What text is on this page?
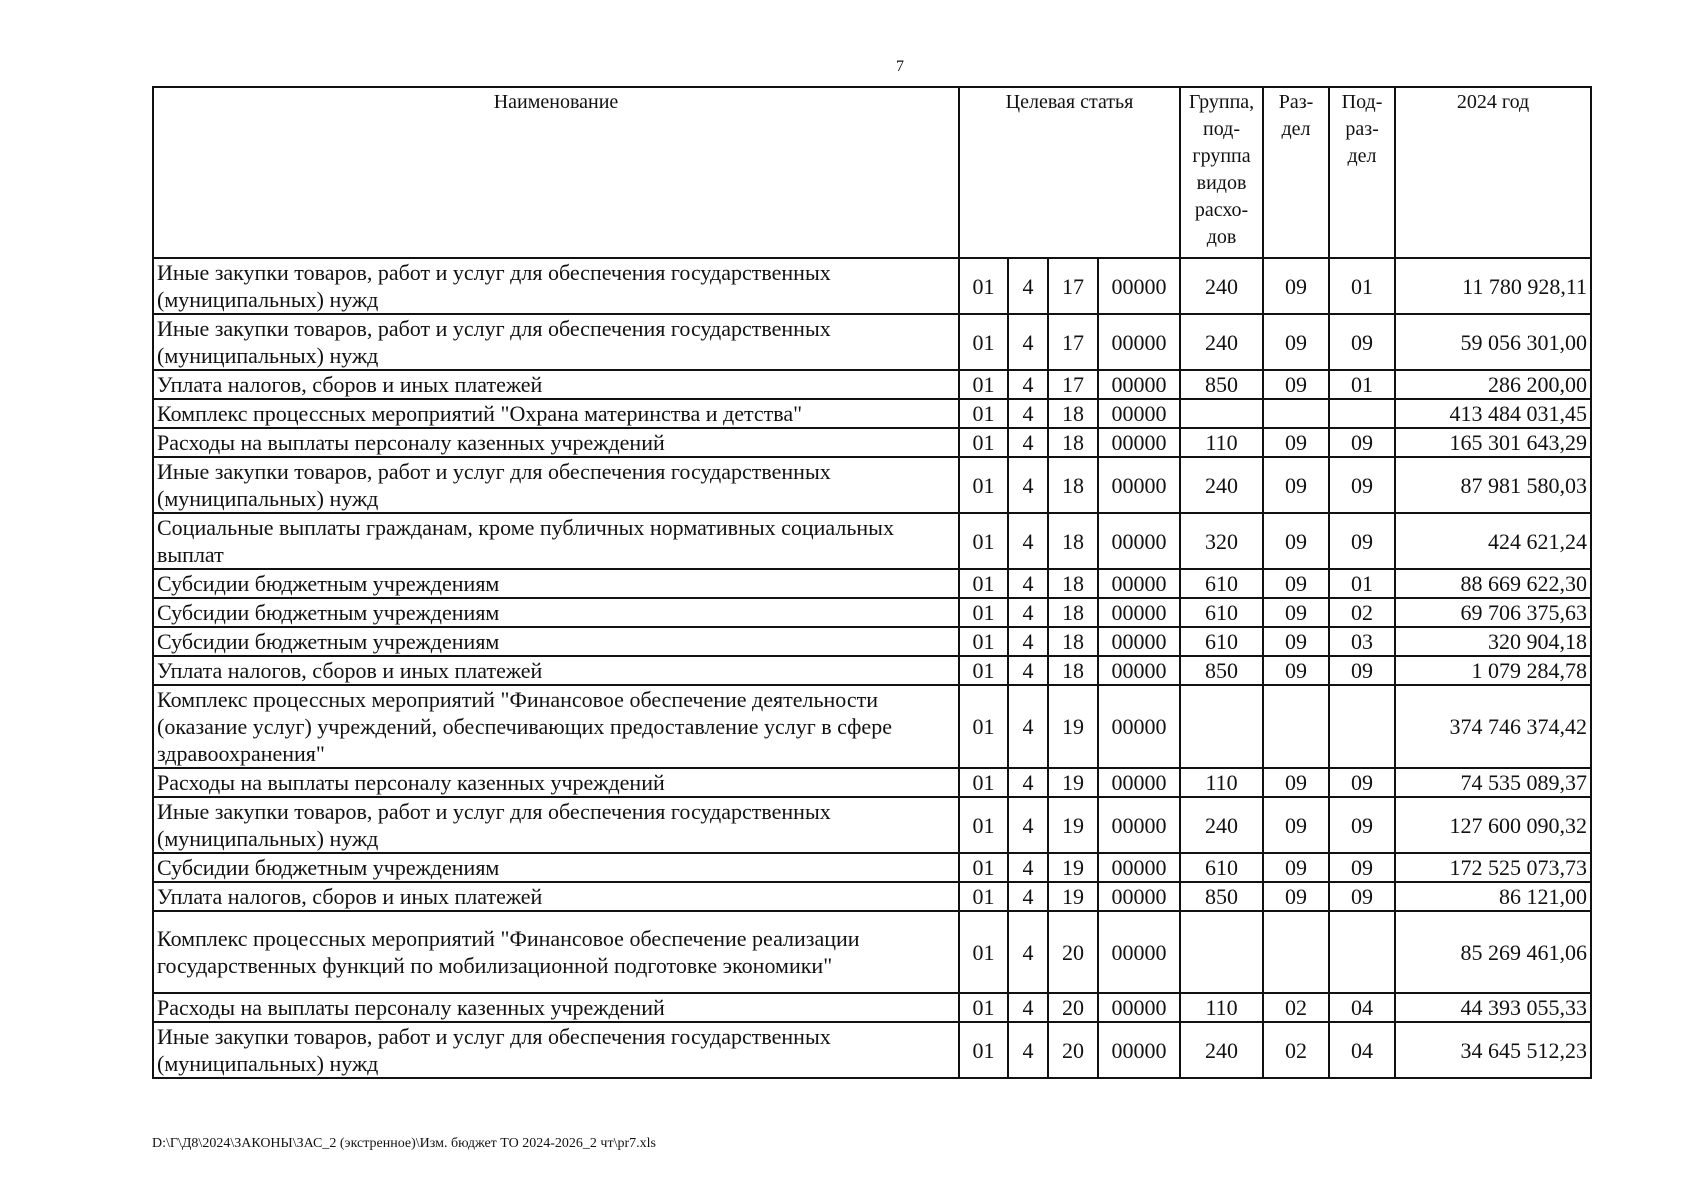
7
Наименование	Целевая статья				Группа, под-группа видов расхо-дов	Раз-дел	Под-раз-дел	2024 год
Иные закупки товаров, работ и услуг для обеспечения государственных (муниципальных) нужд	01	4	17	00000	240	09	01	11 780 928,11
Иные закупки товаров, работ и услуг для обеспечения государственных (муниципальных) нужд	01	4	17	00000	240	09	09	59 056 301,00
Уплата налогов, сборов и иных платежей	01	4	17	00000	850	09	01	286 200,00
Комплекс процессных мероприятий "Охрана материнства и детства"	01	4	18	00000				413 484 031,45
Расходы на выплаты персоналу казенных учреждений	01	4	18	00000	110	09	09	165 301 643,29
Иные закупки товаров, работ и услуг для обеспечения государственных (муниципальных) нужд	01	4	18	00000	240	09	09	87 981 580,03
Социальные выплаты гражданам, кроме публичных нормативных социальных выплат	01	4	18	00000	320	09	09	424 621,24
Субсидии бюджетным учреждениям	01	4	18	00000	610	09	01	88 669 622,30
Субсидии бюджетным учреждениям	01	4	18	00000	610	09	02	69 706 375,63
Субсидии бюджетным учреждениям	01	4	18	00000	610	09	03	320 904,18
Уплата налогов, сборов и иных платежей	01	4	18	00000	850	09	09	1 079 284,78
Комплекс процессных мероприятий "Финансовое обеспечение деятельности (оказание услуг) учреждений, обеспечивающих предоставление услуг в сфере здравоохранения"	01	4	19	00000				374 746 374,42
Расходы на выплаты персоналу казенных учреждений	01	4	19	00000	110	09	09	74 535 089,37
Иные закупки товаров, работ и услуг для обеспечения государственных (муниципальных) нужд	01	4	19	00000	240	09	09	127 600 090,32
Субсидии бюджетным учреждениям	01	4	19	00000	610	09	09	172 525 073,73
Уплата налогов, сборов и иных платежей	01	4	19	00000	850	09	09	86 121,00
Комплекс процессных мероприятий "Финансовое обеспечение реализации государственных функций по мобилизационной подготовке экономики"	01	4	20	00000				85 269 461,06
Расходы на выплаты персоналу казенных учреждений	01	4	20	00000	110	02	04	44 393 055,33
Иные закупки товаров, работ и услуг для обеспечения государственных (муниципальных) нужд	01	4	20	00000	240	02	04	34 645 512,23
D:\Г\Д8\2024\ЗАКОНЫ\ЗАС_2 (экстренное)\Изм. бюджет ТО 2024-2026_2 чт\pr7.xls
